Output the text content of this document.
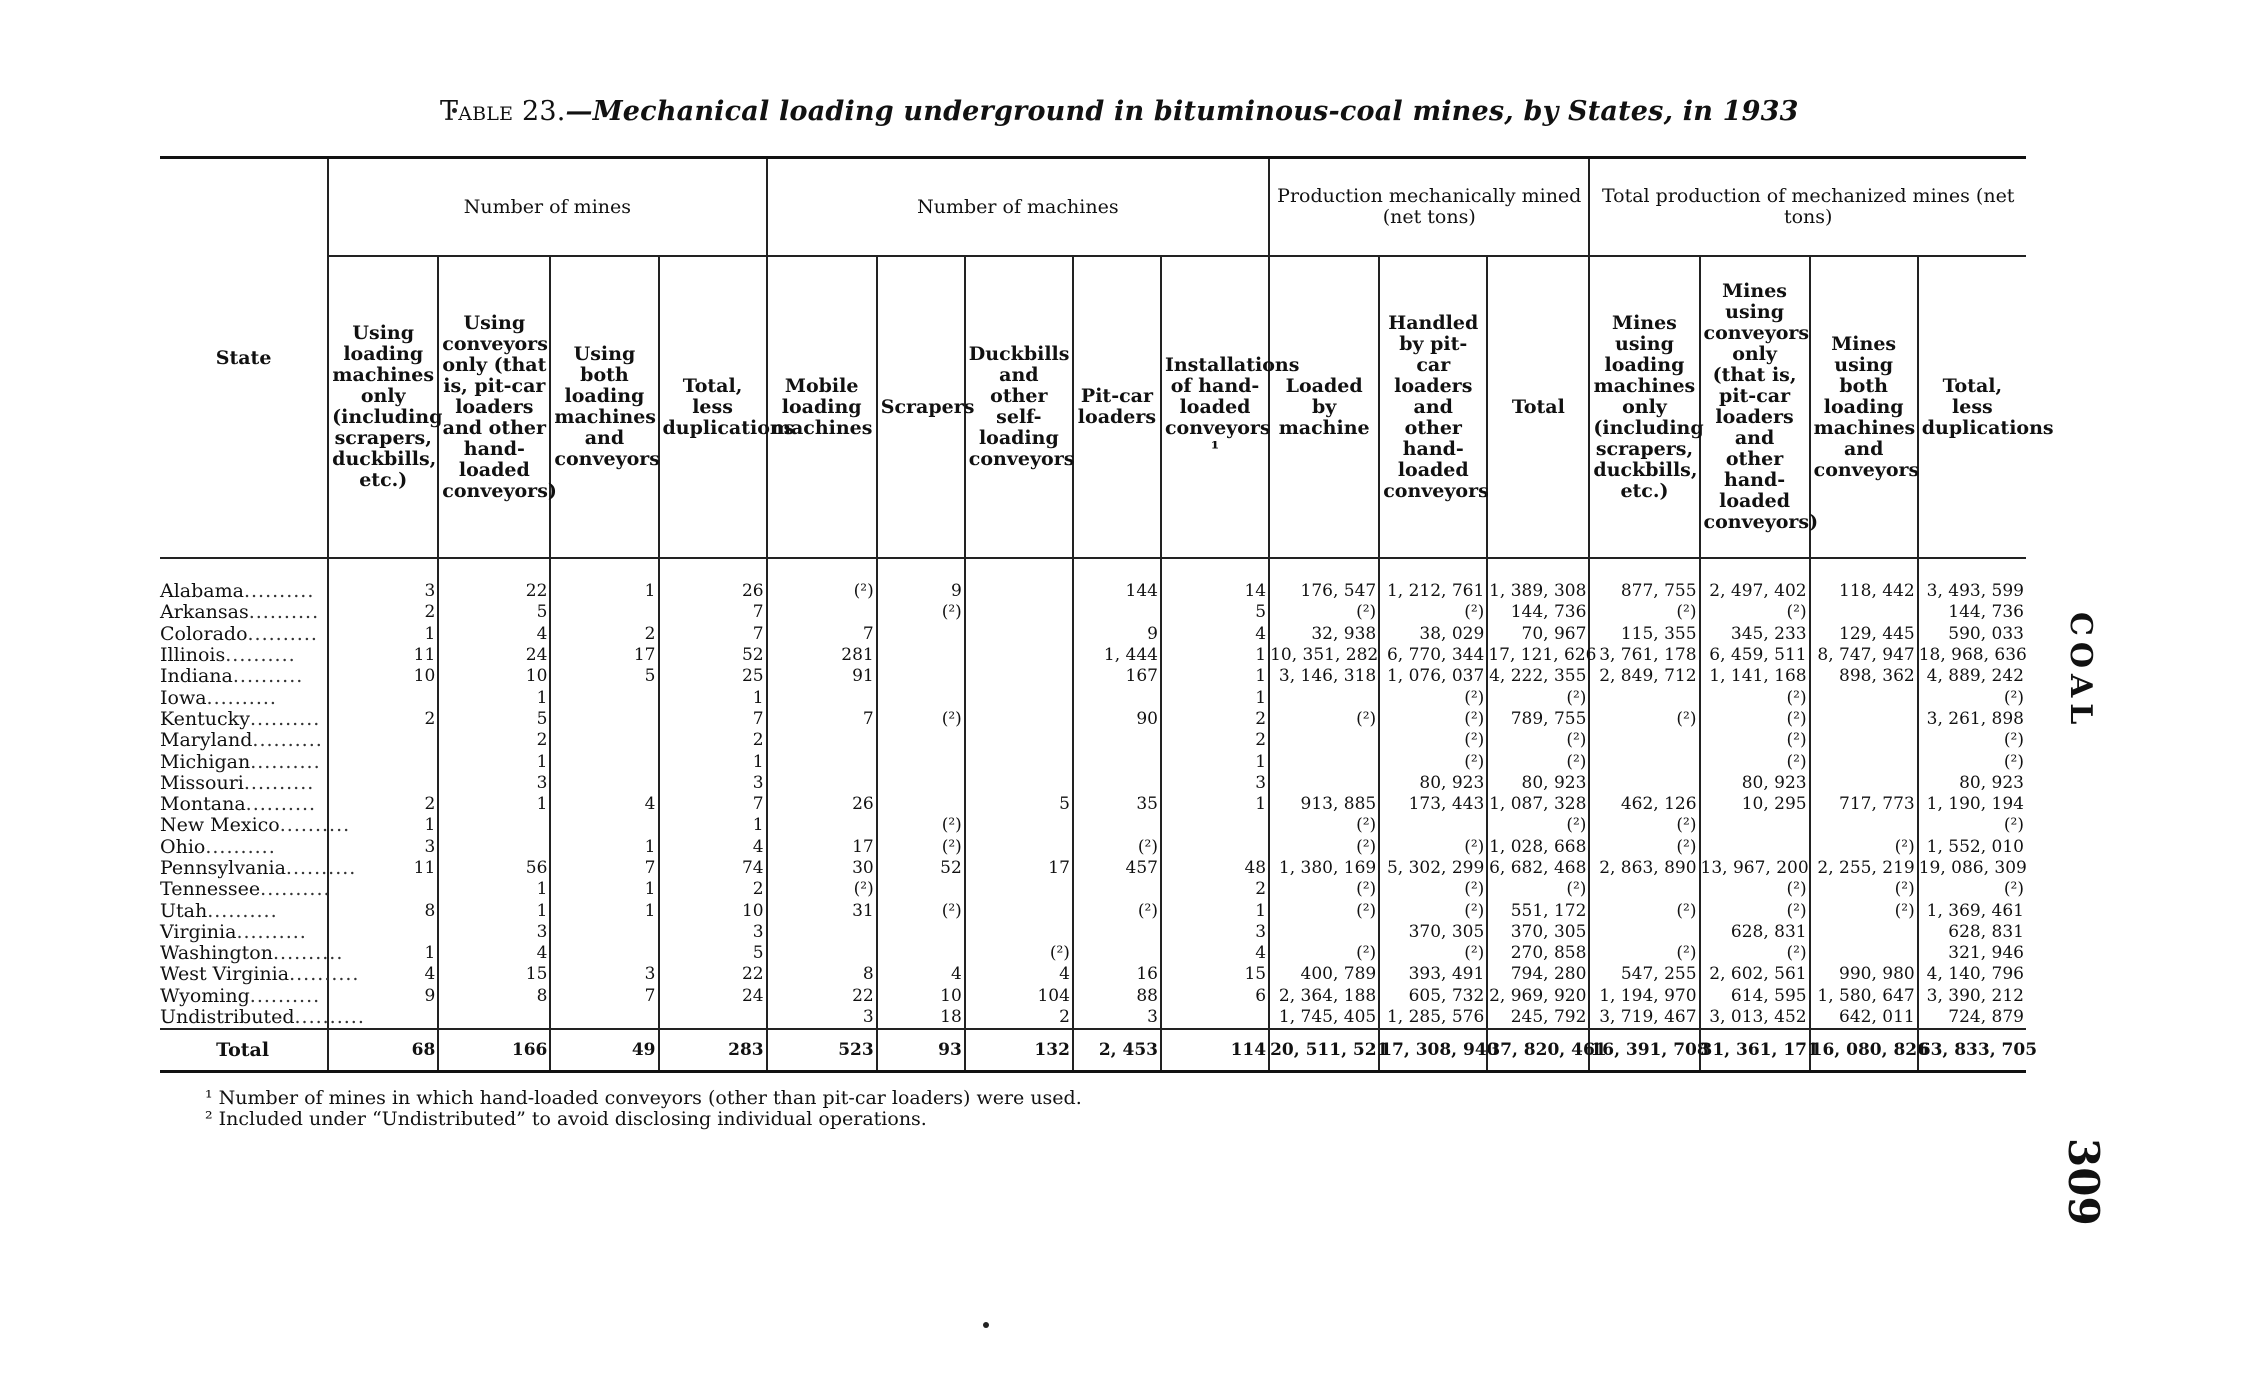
Table 23.—Mechanical loading underground in bituminous-coal mines, by States, in 1933
State	Number of mines				Number of machines					Production mechanically mined (net tons)			Total production of mechanized mines (net tons)			
	Using loading machines only (including scrapers, duckbills, etc.)	Using conveyors only (that is, pit-car loaders and other hand-loaded conveyors)	Using both loading machines and conveyors	Total, less duplications	Mobile loading machines	Scrapers	Duckbills and other self-loading conveyors	Pit-car loaders	Installations of hand-loaded conveyors ¹	Loaded by machine	Handled by pit-car loaders and other hand-loaded conveyors	Total	Mines using loading machines only (including scrapers, duckbills, etc.)	Mines using conveyors only (that is, pit-car loaders and other hand-loaded conveyors)	Mines using both loading machines and conveyors	Total, less duplications
Alabama..........	3	22	1	26	(²)	9		144	14	176, 547	1, 212, 761	1, 389, 308	877, 755	2, 497, 402	118, 442	3, 493, 599
Arkansas..........	2	5		7		(²)			5	(²)	(²)	144, 736	(²)	(²)		144, 736
Colorado..........	1	4	2	7	7			9	4	32, 938	38, 029	70, 967	115, 355	345, 233	129, 445	590, 033
Illinois..........	11	24	17	52	281			1, 444	1	10, 351, 282	6, 770, 344	17, 121, 626	3, 761, 178	6, 459, 511	8, 747, 947	18, 968, 636
Indiana..........	10	10	5	25	91			167	1	3, 146, 318	1, 076, 037	4, 222, 355	2, 849, 712	1, 141, 168	898, 362	4, 889, 242
Iowa..........		1		1					1		(²)	(²)		(²)		(²)
Kentucky..........	2	5		7	7	(²)		90	2	(²)	(²)	789, 755	(²)	(²)		3, 261, 898
Maryland..........		2		2					2		(²)	(²)		(²)		(²)
Michigan..........		1		1					1		(²)	(²)		(²)		(²)
Missouri..........		3		3					3		80, 923	80, 923		80, 923		80, 923
Montana..........	2	1	4	7	26		5	35	1	913, 885	173, 443	1, 087, 328	462, 126	10, 295	717, 773	1, 190, 194
New Mexico..........	1			1		(²)				(²)		(²)	(²)			(²)
Ohio..........	3		1	4	17	(²)		(²)		(²)	(²)	1, 028, 668	(²)		(²)	1, 552, 010
Pennsylvania..........	11	56	7	74	30	52	17	457	48	1, 380, 169	5, 302, 299	6, 682, 468	2, 863, 890	13, 967, 200	2, 255, 219	19, 086, 309
Tennessee..........		1	1	2	(²)				2	(²)	(²)	(²)		(²)	(²)	(²)
Utah..........	8	1	1	10	31	(²)		(²)	1	(²)	(²)	551, 172	(²)	(²)	(²)	1, 369, 461
Virginia..........		3		3					3		370, 305	370, 305		628, 831		628, 831
Washington..........	1	4		5			(²)		4	(²)	(²)	270, 858	(²)	(²)		321, 946
West Virginia..........	4	15	3	22	8	4	4	16	15	400, 789	393, 491	794, 280	547, 255	2, 602, 561	990, 980	4, 140, 796
Wyoming..........	9	8	7	24	22	10	104	88	6	2, 364, 188	605, 732	2, 969, 920	1, 194, 970	614, 595	1, 580, 647	3, 390, 212
Undistributed..........					3	18	2	3		1, 745, 405	1, 285, 576	245, 792	3, 719, 467	3, 013, 452	642, 011	724, 879
Total	68	166	49	283	523	93	132	2, 453	114	20, 511, 521	17, 308, 940	37, 820, 461	16, 391, 708	31, 361, 171	16, 080, 826	63, 833, 705
¹ Number of mines in which hand-loaded conveyors (other than pit-car loaders) were used.
² Included under “Undistributed” to avoid disclosing individual operations.
COAL
309
